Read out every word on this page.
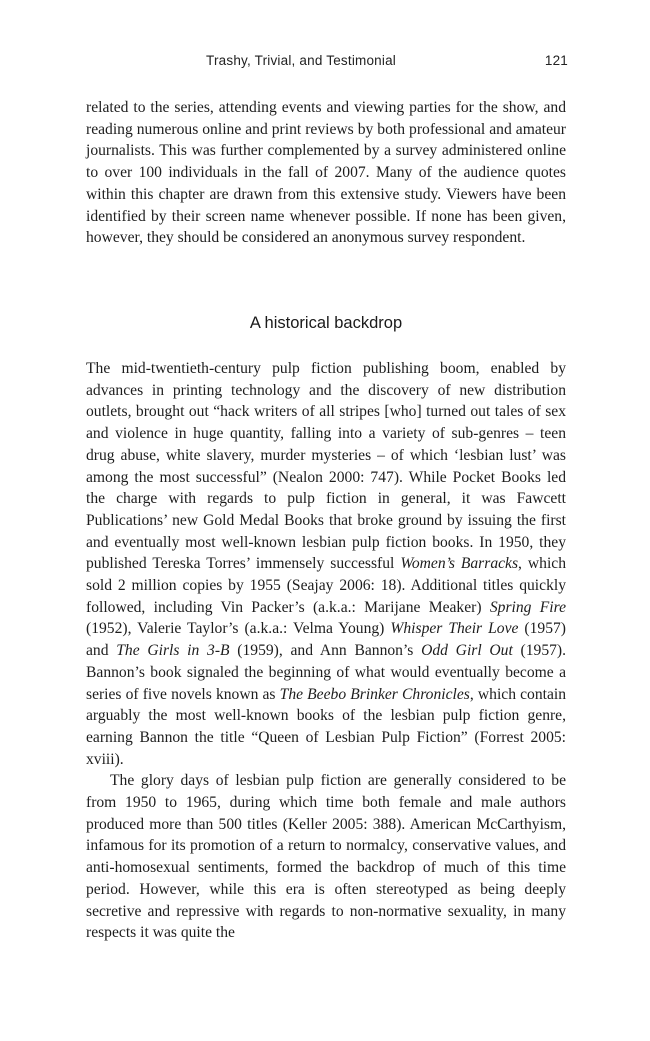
Trashy, Trivial, and Testimonial	121

related to the series, attending events and viewing parties for the show, and reading numerous online and print reviews by both professional and amateur journalists. This was further complemented by a survey administered online to over 100 individuals in the fall of 2007. Many of the audience quotes within this chapter are drawn from this extensive study. Viewers have been identified by their screen name whenever possible. If none has been given, however, they should be considered an anonymous survey respondent.

A historical backdrop

The mid-twentieth-century pulp fiction publishing boom, enabled by advances in printing technology and the discovery of new distribution outlets, brought out “hack writers of all stripes [who] turned out tales of sex and violence in huge quantity, falling into a variety of sub-genres – teen drug abuse, white slavery, murder mysteries – of which ‘lesbian lust’ was among the most successful” (Nealon 2000: 747). While Pocket Books led the charge with regards to pulp fiction in general, it was Fawcett Publications’ new Gold Medal Books that broke ground by issuing the first and eventually most well-known lesbian pulp fiction books. In 1950, they published Tereska Torres’ immensely successful Women’s Barracks, which sold 2 million copies by 1955 (Seajay 2006: 18). Additional titles quickly followed, including Vin Packer’s (a.k.a.: Marijane Meaker) Spring Fire (1952), Valerie Taylor’s (a.k.a.: Velma Young) Whisper Their Love (1957) and The Girls in 3-B (1959), and Ann Bannon’s Odd Girl Out (1957). Bannon’s book signaled the beginning of what would eventually become a series of five novels known as The Beebo Brinker Chronicles, which contain arguably the most well-known books of the lesbian pulp fiction genre, earning Bannon the title “Queen of Lesbian Pulp Fiction” (Forrest 2005: xviii).

The glory days of lesbian pulp fiction are generally considered to be from 1950 to 1965, during which time both female and male authors produced more than 500 titles (Keller 2005: 388). American McCarthyism, infamous for its promotion of a return to normalcy, conservative values, and anti-homosexual sentiments, formed the backdrop of much of this time period. However, while this era is often stereotyped as being deeply secretive and repressive with regards to non-normative sexuality, in many respects it was quite the
